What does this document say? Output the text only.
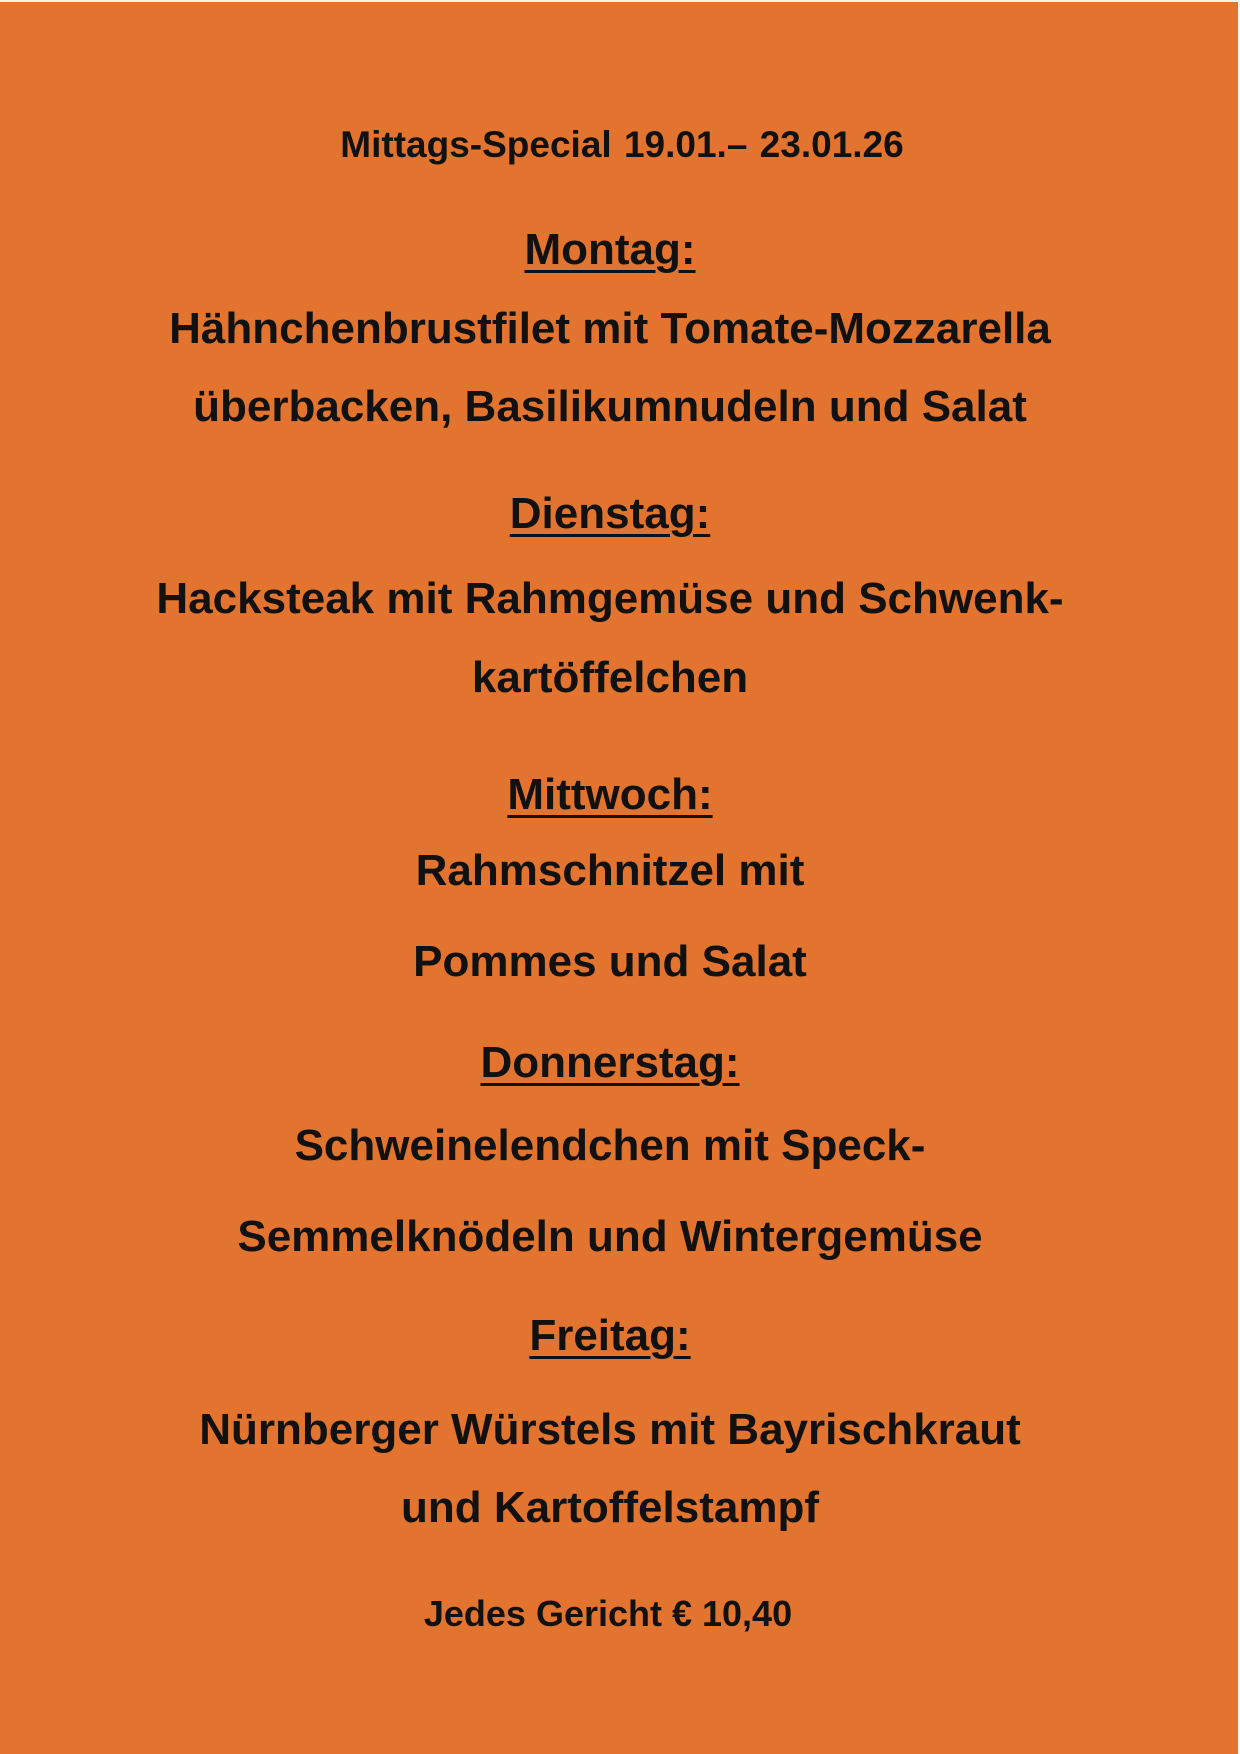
Mittags-Special 19.01.– 23.01.26
Montag:
Hähnchenbrustfilet mit Tomate-Mozzarella
überbacken, Basilikumnudeln und Salat
Dienstag:
Hacksteak mit Rahmgemüse und Schwenk-
kartöffelchen
Mittwoch:
Rahmschnitzel mit
Pommes und Salat
Donnerstag:
Schweinelendchen mit Speck-
Semmelknödeln und Wintergemüse
Freitag:
Nürnberger Würstels mit Bayrischkraut
und Kartoffelstampf
Jedes Gericht € 10,40
